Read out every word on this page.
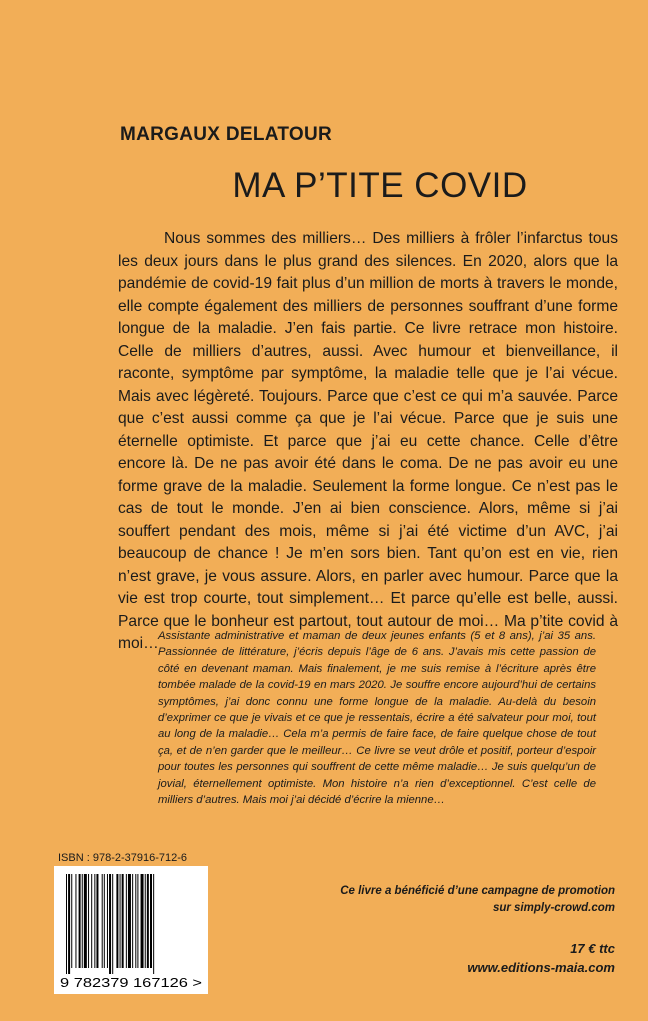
MARGAUX DELATOUR
MA P’TITE COVID

Nous sommes des milliers… Des milliers à frôler l’infarctus tous les deux jours dans le plus grand des silences. En 2020, alors que la pandémie de covid-19 fait plus d’un million de morts à travers le monde, elle compte également des milliers de personnes souffrant d’une forme longue de la maladie. J’en fais partie. Ce livre retrace mon histoire. Celle de milliers d’autres, aussi. Avec humour et bienveillance, il raconte, symptôme par symptôme, la maladie telle que je l’ai vécue. Mais avec légèreté. Toujours. Parce que c’est ce qui m’a sauvée. Parce que c’est aussi comme ça que je l’ai vécue. Parce que je suis une éternelle optimiste. Et parce que j’ai eu cette chance. Celle d’être encore là. De ne pas avoir été dans le coma. De ne pas avoir eu une forme grave de la maladie. Seulement la forme longue. Ce n’est pas le cas de tout le monde. J’en ai bien conscience. Alors, même si j’ai souffert pendant des mois, même si j’ai été victime d’un AVC, j’ai beaucoup de chance ! Je m’en sors bien. Tant qu’on est en vie, rien n’est grave, je vous assure. Alors, en parler avec humour. Parce que la vie est trop courte, tout simplement… Et parce qu’elle est belle, aussi. Parce que le bonheur est partout, tout autour de moi… Ma p’tite covid à moi… Assistante administrative et maman de deux jeunes enfants (5 et 8 ans), j’ai 35 ans. Passionnée de littérature, j’écris depuis l’âge de 6 ans. J’avais mis cette passion de côté en devenant maman. Mais finalement, je me suis remise à l’écriture après être tombée malade de la covid-19 en mars 2020. Je souffre encore aujourd’hui de certains symptômes, j’ai donc connu une forme longue de la maladie. Au-delà du besoin d’exprimer ce que je vivais et ce que je ressentais, écrire a été salvateur pour moi, tout au long de la maladie… Cela m’a permis de faire face, de faire quelque chose de tout ça, et de n’en garder que le meilleur… Ce livre se veut drôle et positif, porteur d’espoir pour toutes les personnes qui souffrent de cette même maladie… Je suis quelqu’un de jovial, éternellement optimiste. Mon histoire n’a rien d’exceptionnel. C’est celle de milliers d’autres. Mais moi j’ai décidé d’écrire la mienne…

ISBN : 978-2-37916-712-6

9 782379 167126 >

Ce livre a bénéficié d’une campagne de promotion
sur simply-crowd.com

17 € ttc

www.editions-maia.com
